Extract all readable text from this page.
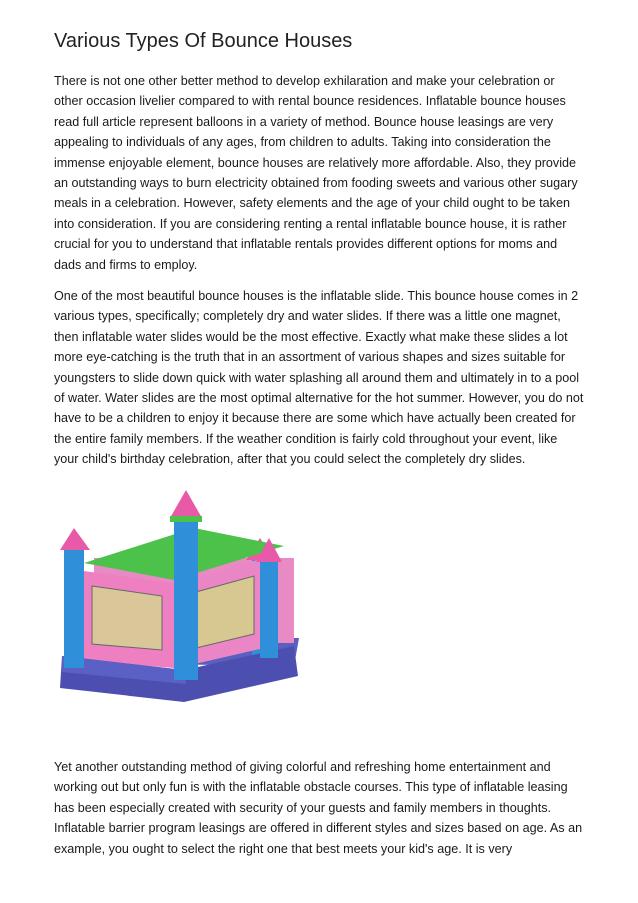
Various Types Of Bounce Houses

There is not one other better method to develop exhilaration and make your celebration or other occasion livelier compared to with rental bounce residences. Inflatable bounce houses read full article represent balloons in a variety of method. Bounce house leasings are very appealing to individuals of any ages, from children to adults. Taking into consideration the immense enjoyable element, bounce houses are relatively more affordable. Also, they provide an outstanding ways to burn electricity obtained from fooding sweets and various other sugary meals in a celebration. However, safety elements and the age of your child ought to be taken into consideration. If you are considering renting a rental inflatable bounce house, it is rather crucial for you to understand that inflatable rentals provides different options for moms and dads and firms to employ.

One of the most beautiful bounce houses is the inflatable slide. This bounce house comes in 2 various types, specifically; completely dry and water slides. If there was a little one magnet, then inflatable water slides would be the most effective. Exactly what make these slides a lot more eye-catching is the truth that in an assortment of various shapes and sizes suitable for youngsters to slide down quick with water splashing all around them and ultimately in to a pool of water. Water slides are the most optimal alternative for the hot summer. However, you do not have to be a children to enjoy it because there are some which have actually been created for the entire family members. If the weather condition is fairly cold throughout your event, like your child's birthday celebration, after that you could select the completely dry slides.

Yet another outstanding method of giving colorful and refreshing home entertainment and working out but only fun is with the inflatable obstacle courses. This type of inflatable leasing has been especially created with security of your guests and family members in thoughts. Inflatable barrier program leasings are offered in different styles and sizes based on age. As an example, you ought to select the right one that best meets your kid's age. It is very
